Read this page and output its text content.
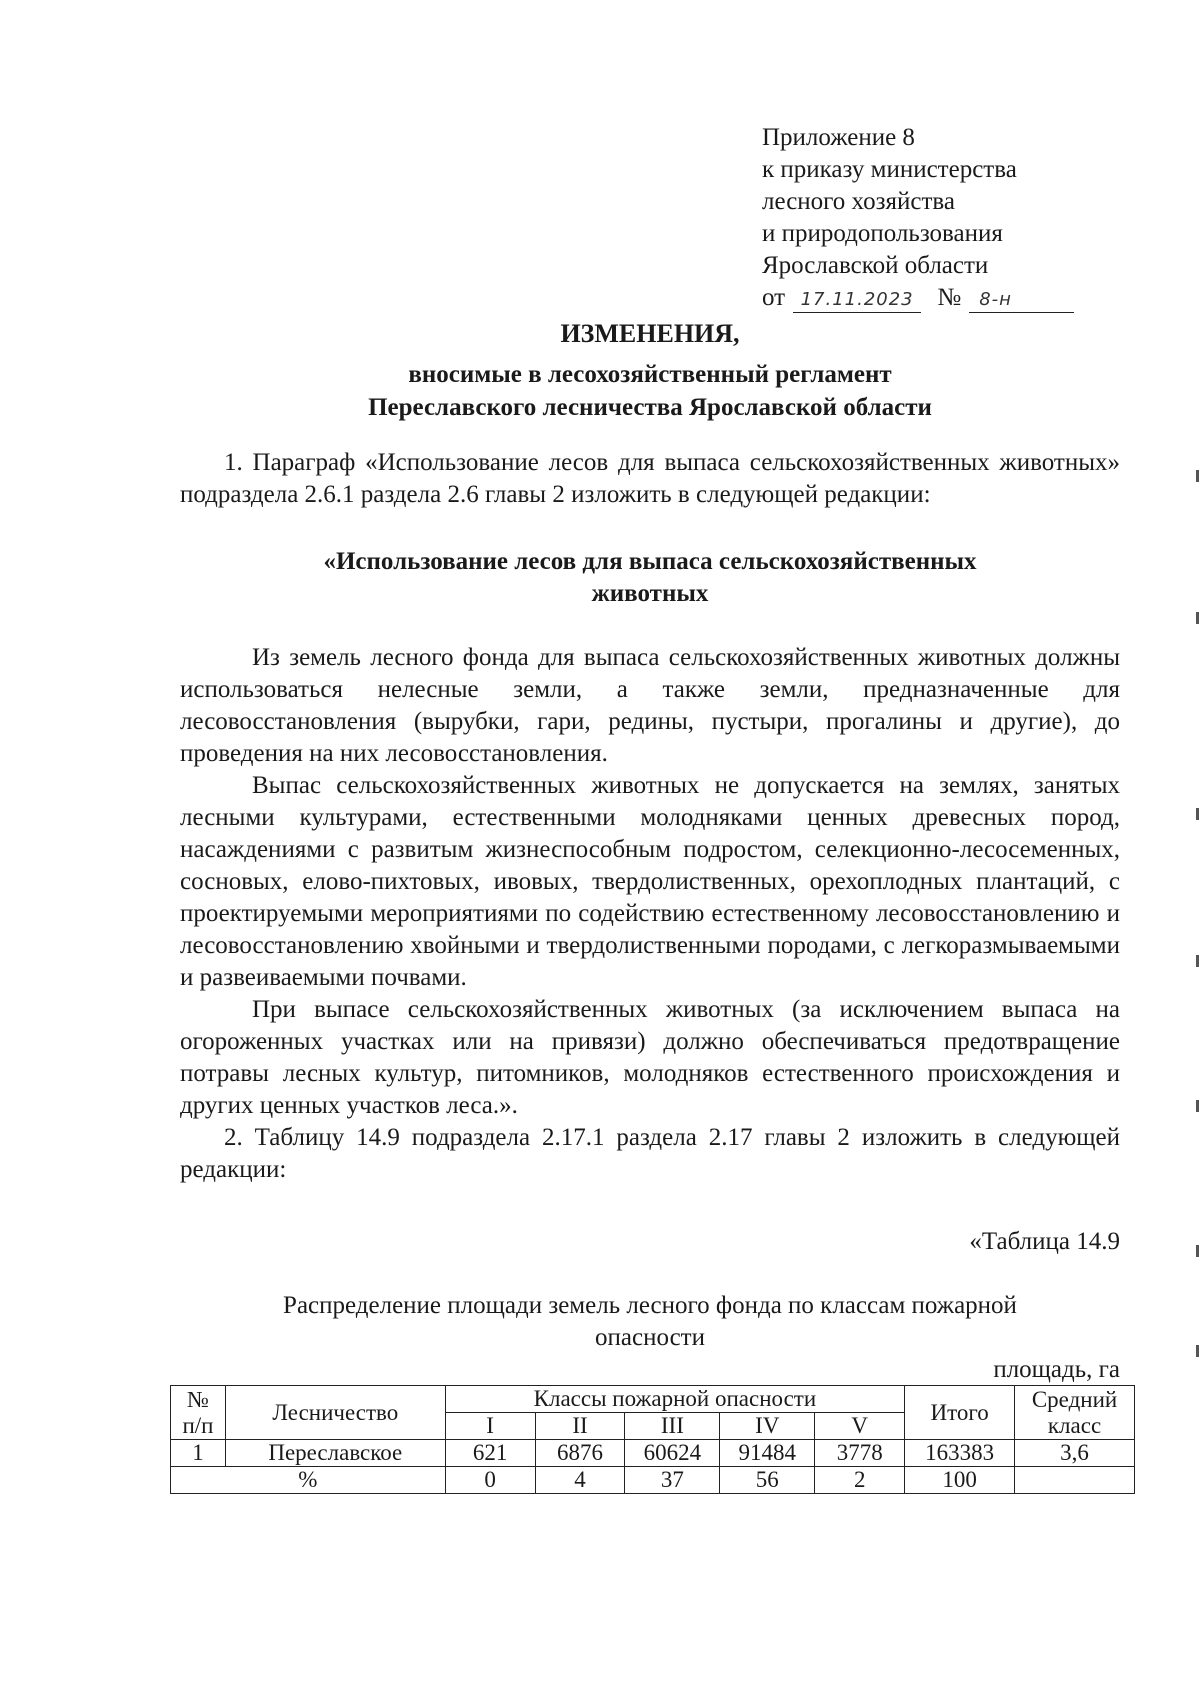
Приложение 8
к приказу министерства
лесного хозяйства
и природопользования
Ярославской области
от 17.11.2023 № 8-н
ИЗМЕНЕНИЯ,
вносимые в лесохозяйственный регламент
Переславского лесничества Ярославской области

1. Параграф «Использование лесов для выпаса сельскохозяйственных животных» подраздела 2.6.1 раздела 2.6 главы 2 изложить в следующей редакции:

«Использование лесов для выпаса сельскохозяйственных
животных

Из земель лесного фонда для выпаса сельскохозяйственных животных должны использоваться нелесные земли, а также земли, предназначенные для лесовосстановления (вырубки, гари, редины, пустыри, прогалины и другие), до проведения на них лесовосстановления.

Выпас сельскохозяйственных животных не допускается на землях, занятых лесными культурами, естественными молодняками ценных древесных пород, насаждениями с развитым жизнеспособным подростом, селекционно-лесосеменных, сосновых, елово-пихтовых, ивовых, твердолиственных, орехоплодных плантаций, с проектируемыми мероприятиями по содействию естественному лесовосстановлению и лесовосстановлению хвойными и твердолиственными породами, с легкоразмываемыми и развеиваемыми почвами.

При выпасе сельскохозяйственных животных (за исключением выпаса на огороженных участках или на привязи) должно обеспечиваться предотвращение потравы лесных культур, питомников, молодняков естественного происхождения и других ценных участков леса.».

2. Таблицу 14.9 подраздела 2.17.1 раздела 2.17 главы 2 изложить в следующей редакции:

«Таблица 14.9
Распределение площади земель лесного фонда по классам пожарной
опасности
площадь, га
№ п/п	Лесничество	Классы пожарной опасности					Итого	Средний класс
		I	II	III	IV	V		
1	Переславское	621	6876	60624	91484	3778	163383	3,6
%		0	4	37	56	2	100	
